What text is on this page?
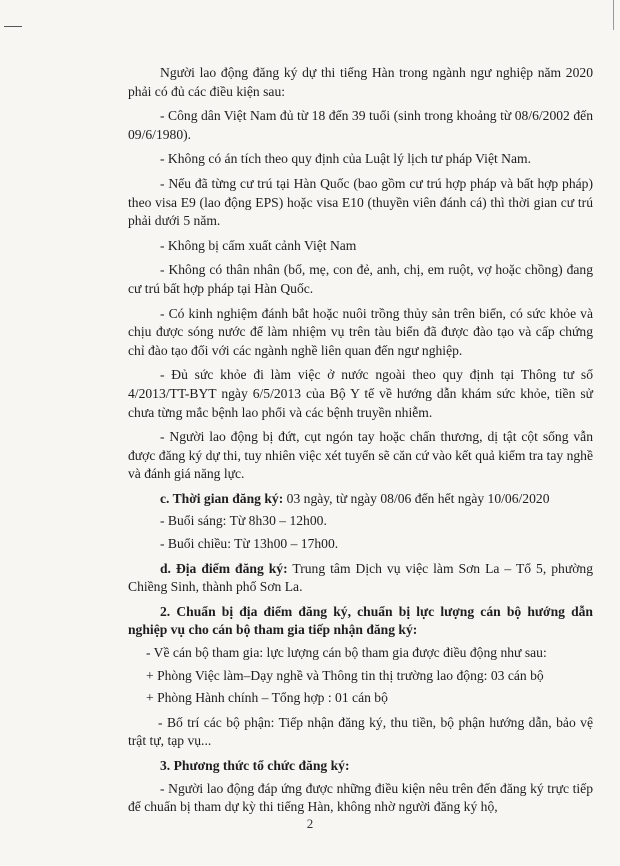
Người lao động đăng ký dự thi tiếng Hàn trong ngành ngư nghiệp năm 2020 phải có đủ các điều kiện sau:

- Công dân Việt Nam đủ từ 18 đến 39 tuổi (sinh trong khoảng từ 08/6/2002 đến 09/6/1980).

- Không có án tích theo quy định của Luật lý lịch tư pháp Việt Nam.

- Nếu đã từng cư trú tại Hàn Quốc (bao gồm cư trú hợp pháp và bất hợp pháp) theo visa E9 (lao động EPS) hoặc visa E10 (thuyền viên đánh cá) thì thời gian cư trú phải dưới 5 năm.

- Không bị cấm xuất cảnh Việt Nam

- Không có thân nhân (bố, mẹ, con đẻ, anh, chị, em ruột, vợ hoặc chồng) đang cư trú bất hợp pháp tại Hàn Quốc.

- Có kinh nghiệm đánh bắt hoặc nuôi trồng thủy sản trên biển, có sức khỏe và chịu được sóng nước để làm nhiệm vụ trên tàu biển đã được đào tạo và cấp chứng chỉ đào tạo đối với các ngành nghề liên quan đến ngư nghiệp.

- Đủ sức khỏe đi làm việc ở nước ngoài theo quy định tại Thông tư số 4/2013/TT-BYT ngày 6/5/2013 của Bộ Y tế về hướng dẫn khám sức khỏe, tiền sử chưa từng mắc bệnh lao phổi và các bệnh truyền nhiễm.

- Người lao động bị đứt, cụt ngón tay hoặc chấn thương, dị tật cột sống vẫn được đăng ký dự thi, tuy nhiên việc xét tuyển sẽ căn cứ vào kết quả kiểm tra tay nghề và đánh giá năng lực.

c. Thời gian đăng ký: 03 ngày, từ ngày 08/06 đến hết ngày 10/06/2020

- Buổi sáng: Từ 8h30 – 12h00.

- Buổi chiều: Từ 13h00 – 17h00.

d. Địa điểm đăng ký: Trung tâm Dịch vụ việc làm Sơn La – Tổ 5, phường Chiềng Sinh, thành phố Sơn La.

2. Chuẩn bị địa điểm đăng ký, chuẩn bị lực lượng cán bộ hướng dẫn nghiệp vụ cho cán bộ tham gia tiếp nhận đăng ký:

- Về cán bộ tham gia: lực lượng cán bộ tham gia được điều động như sau:

+ Phòng Việc làm–Dạy nghề và Thông tin thị trường lao động: 03 cán bộ

+ Phòng Hành chính – Tổng hợp : 01 cán bộ

- Bố trí các bộ phận: Tiếp nhận đăng ký, thu tiền, bộ phận hướng dẫn, bảo vệ trật tự, tạp vụ...

3. Phương thức tổ chức đăng ký:

- Người lao động đáp ứng được những điều kiện nêu trên đến đăng ký trực tiếp để chuẩn bị tham dự kỳ thi tiếng Hàn, không nhờ người đăng ký hộ,

2
